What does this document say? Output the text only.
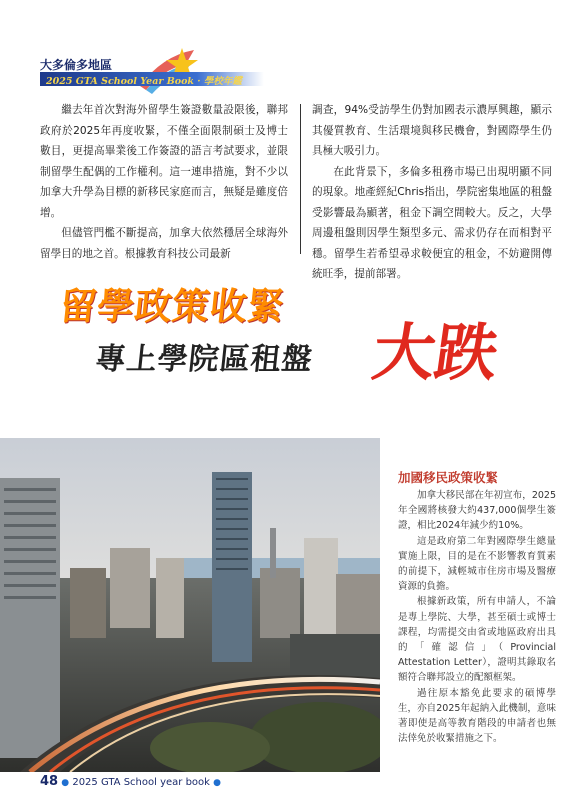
大多倫多地區
2025 GTA School Year Book · 學校年鑑

繼去年首次對海外留學生簽證數量設限後，聯邦政府於2025年再度收緊，不僅全面限制碩士及博士數目，更提高畢業後工作簽證的語言考試要求，並限制留學生配偶的工作權利。這一連串措施，對不少以加拿大升學為目標的新移民家庭而言，無疑是雖度倍增。

但儘管門檻不斷提高，加拿大依然穩居全球海外留學目的地之首。根據教育科技公司最新

調查，94%受訪學生仍對加國表示濃厚興趣，顯示其優質教育、生活環境與移民機會，對國際學生仍具極大吸引力。

在此背景下，多倫多租務市場已出現明顯不同的現象。地產經紀Chris指出，學院密集地區的租盤受影響最為顯著，租金下調空間較大。反之，大學周邊租盤則因學生類型多元、需求仍存在而相對平穩。留學生若希望尋求較便宜的租金，不妨避開傳統旺季，提前部署。

留學政策收緊
專上學院區租盤 大跌
加國移民政策收緊

加拿大移民部在年初宣布，2025年全國將核發大約437,000個學生簽證，相比2024年減少約10%。

這是政府第二年對國際學生總量實施上限，目的是在不影響教育質素的前提下，減輕城市住房市場及醫療資源的負擔。

根據新政策，所有申請人，不論是專上學院、大學，甚至碩士或博士課程，均需提交由省或地區政府出具的「確認信」（Provincial Attestation Letter），證明其錄取名額符合聯邦設立的配額框架。

過往原本豁免此要求的碩博學生，亦自2025年起納入此機制，意味著即使是高等教育階段的申請者也無法倖免於收緊措施之下。

48 ● 2025 GTA School year book ●
